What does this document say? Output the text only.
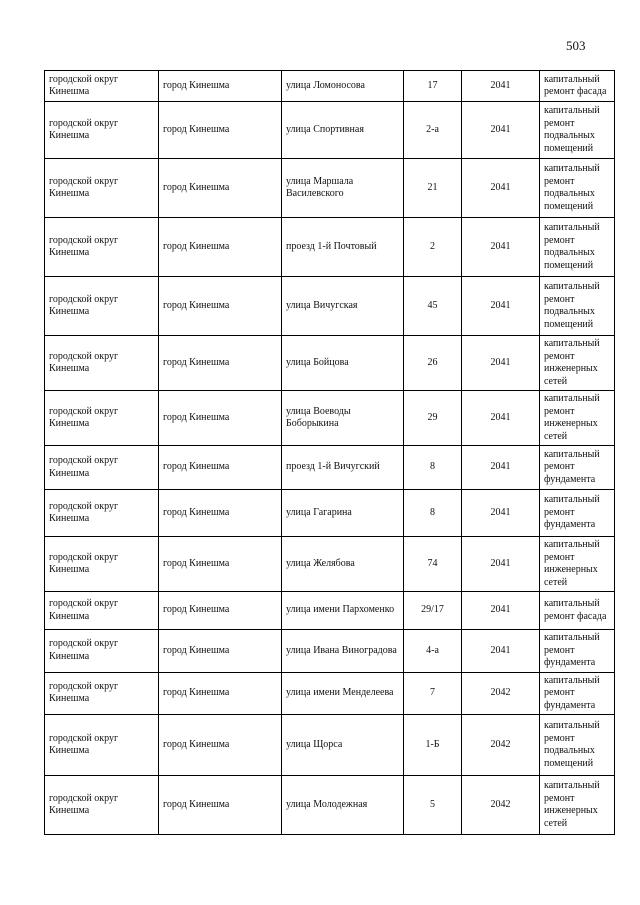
503
городской округ Кинешма	город Кинешма	улица Ломоносова	17	2041	капитальный ремонт фасада
городской округ Кинешма	город Кинешма	улица Спортивная	2-а	2041	капитальный ремонт подвальных помещений
городской округ Кинешма	город Кинешма	улица Маршала Василевского	21	2041	капитальный ремонт подвальных помещений
городской округ Кинешма	город Кинешма	проезд 1-й Почтовый	2	2041	капитальный ремонт подвальных помещений
городской округ Кинешма	город Кинешма	улица Вичугская	45	2041	капитальный ремонт подвальных помещений
городской округ Кинешма	город Кинешма	улица Бойцова	26	2041	капитальный ремонт инженерных сетей
городской округ Кинешма	город Кинешма	улица Воеводы Боборыкина	29	2041	капитальный ремонт инженерных сетей
городской округ Кинешма	город Кинешма	проезд 1-й Вичугский	8	2041	капитальный ремонт фундамента
городской округ Кинешма	город Кинешма	улица Гагарина	8	2041	капитальный ремонт фундамента
городской округ Кинешма	город Кинешма	улица Желябова	74	2041	капитальный ремонт инженерных сетей
городской округ Кинешма	город Кинешма	улица имени Пархоменко	29/17	2041	капитальный ремонт фасада
городской округ Кинешма	город Кинешма	улица Ивана Виноградова	4-а	2041	капитальный ремонт фундамента
городской округ Кинешма	город Кинешма	улица имени Менделеева	7	2042	капитальный ремонт фундамента
городской округ Кинешма	город Кинешма	улица Щорса	1-Б	2042	капитальный ремонт подвальных помещений
городской округ Кинешма	город Кинешма	улица Молодежная	5	2042	капитальный ремонт инженерных сетей
